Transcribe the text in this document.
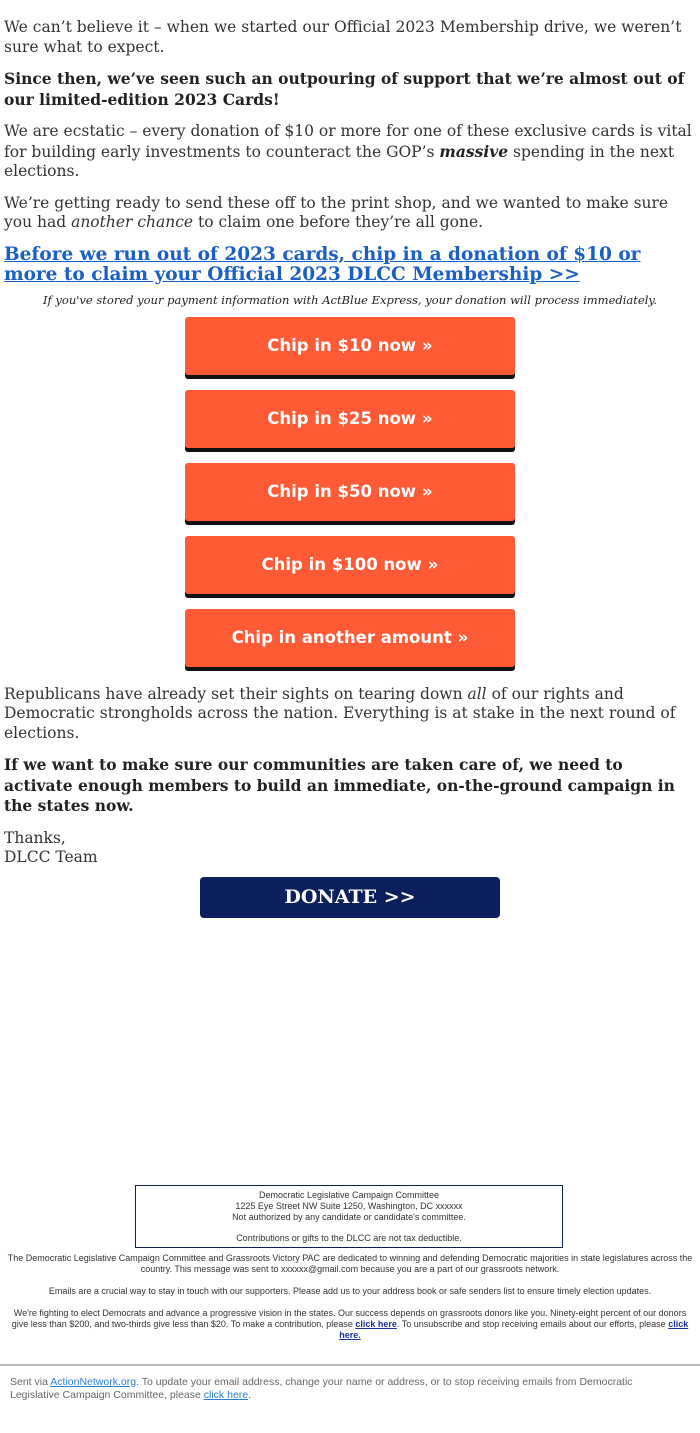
We can’t believe it – when we started our Official 2023 Membership drive, we weren’t sure what to expect.

Since then, we’ve seen such an outpouring of support that we’re almost out of our limited-edition 2023 Cards!

We are ecstatic – every donation of $10 or more for one of these exclusive cards is vital for building early investments to counteract the GOP’s massive spending in the next elections.

We’re getting ready to send these off to the print shop, and we wanted to make sure you had another chance to claim one before they’re all gone.

Before we run out of 2023 cards, chip in a donation of $10 or more to claim your Official 2023 DLCC Membership >>

If you've stored your payment information with ActBlue Express, your donation will process immediately.

Chip in $10 now »
Chip in $25 now »
Chip in $50 now »
Chip in $100 now »
Chip in another amount »

Republicans have already set their sights on tearing down all of our rights and Democratic strongholds across the nation. Everything is at stake in the next round of elections.

If we want to make sure our communities are taken care of, we need to activate enough members to build an immediate, on-the-ground campaign in the states now.

Thanks,
DLCC Team
DONATE >>
Democratic Legislative Campaign Committee
1225 Eye Street NW Suite 1250, Washington, DC xxxxxx
Not authorized by any candidate or candidate's committee.
Contributions or gifts to the DLCC are not tax deductible.
The Democratic Legislative Campaign Committee and Grassroots Victory PAC are dedicated to winning and defending Democratic majorities in state legislatures across the country. This message was sent to xxxxxx@gmail.com because you are a part of our grassroots network.
Emails are a crucial way to stay in touch with our supporters. Please add us to your address book or safe senders list to ensure timely election updates.
We're fighting to elect Democrats and advance a progressive vision in the states. Our success depends on grassroots donors like you. Ninety-eight percent of our donors give less than $200, and two-thirds give less than $20. To make a contribution, please click here. To unsubscribe and stop receiving emails about our efforts, please click here.
Sent via ActionNetwork.org. To update your email address, change your name or address, or to stop receiving emails from Democratic Legislative Campaign Committee, please click here.
